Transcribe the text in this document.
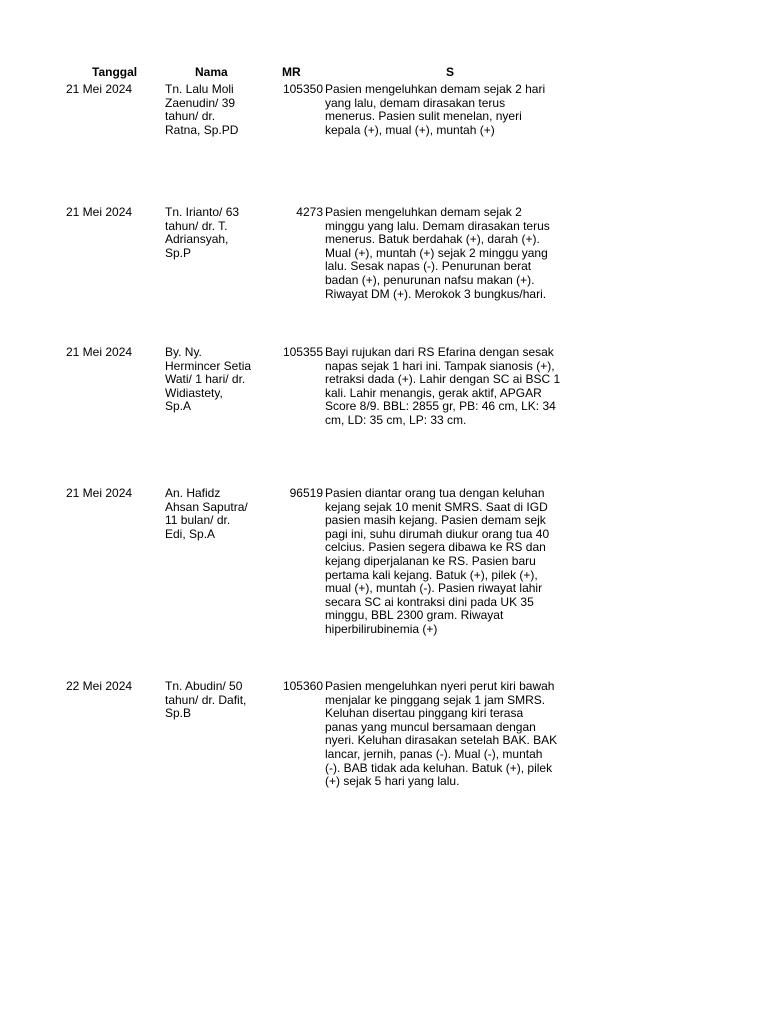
Tanggal	Nama	MR	S
21 Mei 2024	Tn. Lalu Moli
Zaenudin/ 39
tahun/ dr.
Ratna, Sp.PD
105350 Pasien mengeluhkan demam sejak 2 hari
yang lalu, demam dirasakan terus
menerus. Pasien sulit menelan, nyeri
kepala (+), mual (+), muntah (+)
21 Mei 2024	Tn. Irianto/ 63
tahun/ dr. T.
Adriansyah,
Sp.P
4273 Pasien mengeluhkan demam sejak 2
minggu yang lalu. Demam dirasakan terus
menerus. Batuk berdahak (+), darah (+).
Mual (+), muntah (+) sejak 2 minggu yang
lalu. Sesak napas (-). Penurunan berat
badan (+), penurunan nafsu makan (+).
Riwayat DM (+). Merokok 3 bungkus/hari.
21 Mei 2024	By. Ny.
Hermincer Setia
Wati/ 1 hari/ dr.
Widiastety,
Sp.A
105355 Bayi rujukan dari RS Efarina dengan sesak
napas sejak 1 hari ini. Tampak sianosis (+),
retraksi dada (+). Lahir dengan SC ai BSC 1
kali. Lahir menangis, gerak aktif, APGAR
Score 8/9. BBL: 2855 gr, PB: 46 cm, LK: 34
cm, LD: 35 cm, LP: 33 cm.
21 Mei 2024	An. Hafidz
Ahsan Saputra/
11 bulan/ dr.
Edi, Sp.A
96519 Pasien diantar orang tua dengan keluhan
kejang sejak 10 menit SMRS. Saat di IGD
pasien masih kejang. Pasien demam sejk
pagi ini, suhu dirumah diukur orang tua 40
celcius. Pasien segera dibawa ke RS dan
kejang diperjalanan ke RS. Pasien baru
pertama kali kejang. Batuk (+), pilek (+),
mual (+), muntah (-). Pasien riwayat lahir
secara SC ai kontraksi dini pada UK 35
minggu, BBL 2300 gram. Riwayat
hiperbilirubinemia (+)
22 Mei 2024	Tn. Abudin/ 50
tahun/ dr. Dafit,
Sp.B
105360 Pasien mengeluhkan nyeri perut kiri bawah
menjalar ke pinggang sejak 1 jam SMRS.
Keluhan disertau pinggang kiri terasa
panas yang muncul bersamaan dengan
nyeri. Keluhan dirasakan setelah BAK. BAK
lancar, jernih, panas (-). Mual (-), muntah
(-). BAB tidak ada keluhan. Batuk (+), pilek
(+) sejak 5 hari yang lalu.
